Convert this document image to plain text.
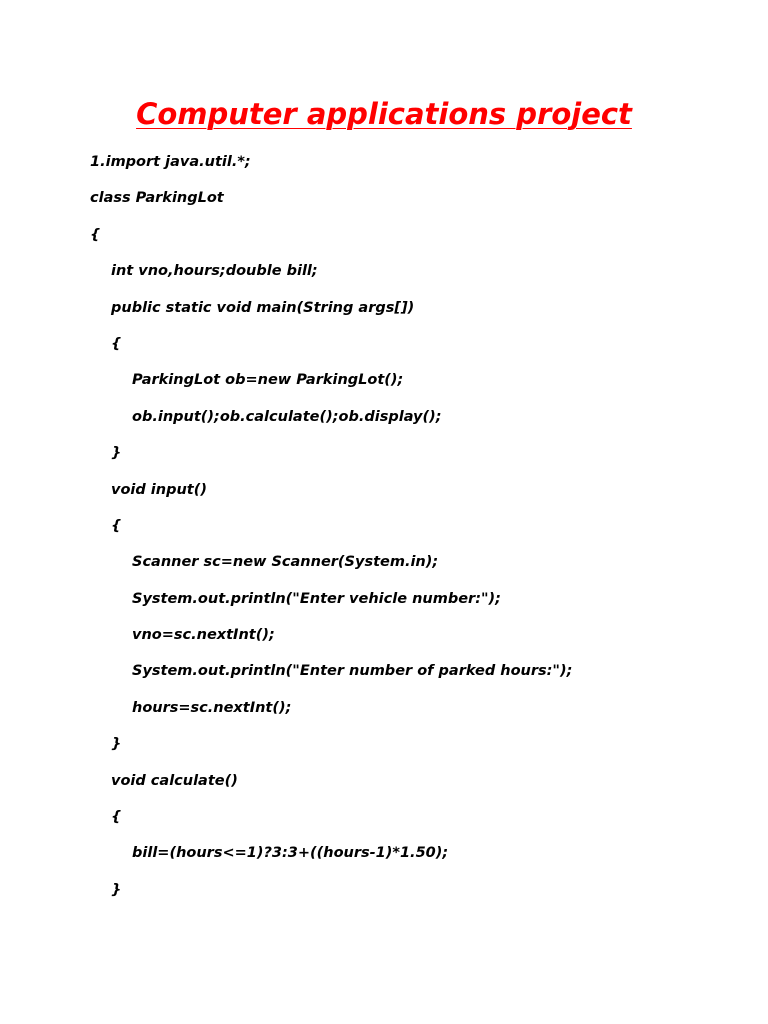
Computer applications project
1.import java.util.*;
class ParkingLot
{
int vno,hours;double bill;
public static void main(String args[])
{
ParkingLot ob=new ParkingLot();
ob.input();ob.calculate();ob.display();
}
void input()
{
Scanner sc=new Scanner(System.in);
System.out.println("Enter vehicle number:");
vno=sc.nextInt();
System.out.println("Enter number of parked hours:");
hours=sc.nextInt();
}
void calculate()
{
bill=(hours<=1)?3:3+((hours-1)*1.50);
}
